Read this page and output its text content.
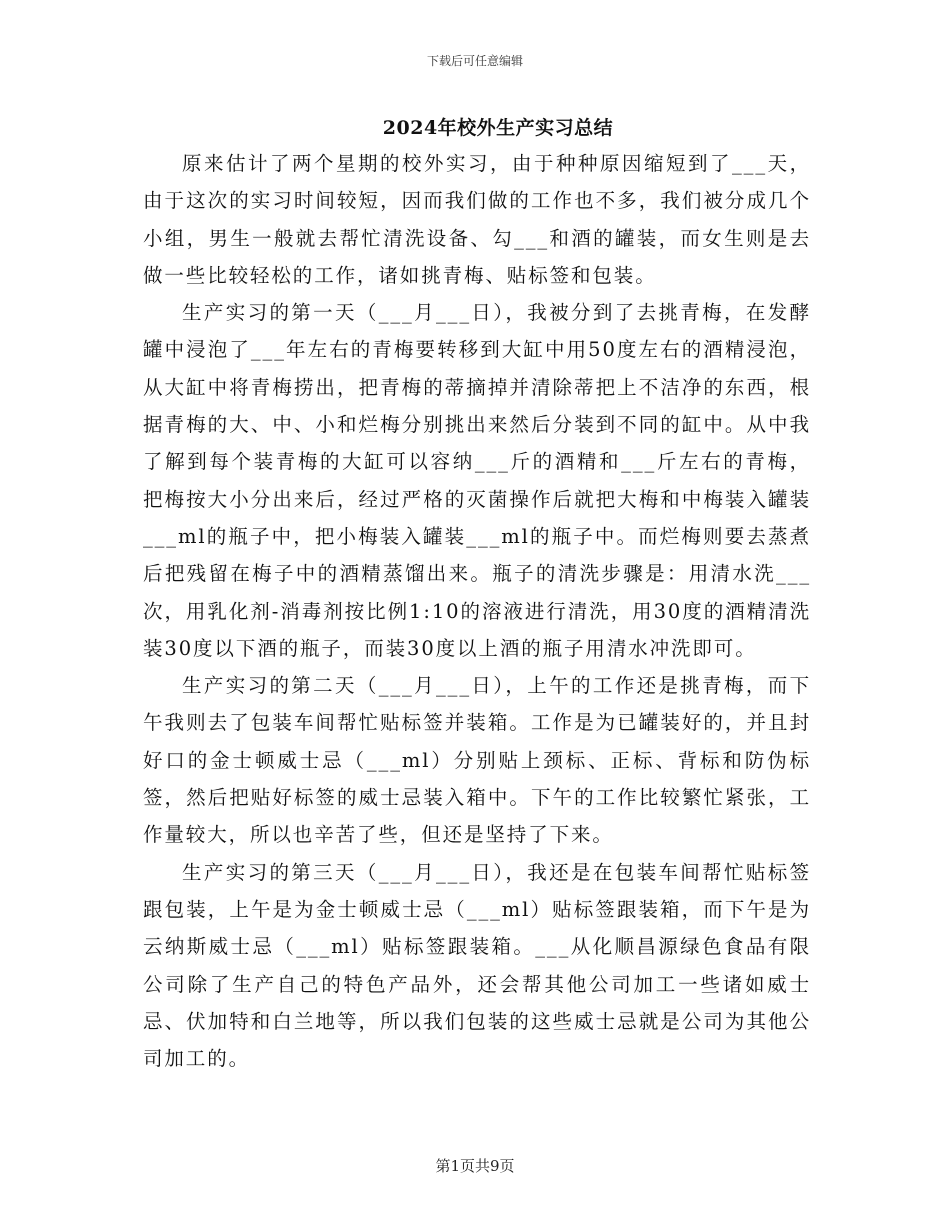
下载后可任意编辑
2024年校外生产实习总结

原来估计了两个星期的校外实习，由于种种原因缩短到了___天，由于这次的实习时间较短，因而我们做的工作也不多，我们被分成几个小组，男生一般就去帮忙清洗设备、勾___和酒的罐装，而女生则是去做一些比较轻松的工作，诸如挑青梅、贴标签和包装。

生产实习的第一天（___月___日），我被分到了去挑青梅，在发酵罐中浸泡了___年左右的青梅要转移到大缸中用50度左右的酒精浸泡，从大缸中将青梅捞出，把青梅的蒂摘掉并清除蒂把上不洁净的东西，根据青梅的大、中、小和烂梅分别挑出来然后分装到不同的缸中。从中我了解到每个装青梅的大缸可以容纳___斤的酒精和___斤左右的青梅，把梅按大小分出来后，经过严格的灭菌操作后就把大梅和中梅装入罐装___ml的瓶子中，把小梅装入罐装___ml的瓶子中。而烂梅则要去蒸煮后把残留在梅子中的酒精蒸馏出来。瓶子的清洗步骤是：用清水洗___次，用乳化剂-消毒剂按比例1:10的溶液进行清洗，用30度的酒精清洗装30度以下酒的瓶子，而装30度以上酒的瓶子用清水冲洗即可。

生产实习的第二天（___月___日），上午的工作还是挑青梅，而下午我则去了包装车间帮忙贴标签并装箱。工作是为已罐装好的，并且封好口的金士顿威士忌（___ml）分别贴上颈标、正标、背标和防伪标签，然后把贴好标签的威士忌装入箱中。下午的工作比较繁忙紧张，工作量较大，所以也辛苦了些，但还是坚持了下来。

生产实习的第三天（___月___日），我还是在包装车间帮忙贴标签跟包装，上午是为金士顿威士忌（___ml）贴标签跟装箱，而下午是为云纳斯威士忌（___ml）贴标签跟装箱。___从化顺昌源绿色食品有限公司除了生产自己的特色产品外，还会帮其他公司加工一些诸如威士忌、伏加特和白兰地等，所以我们包装的这些威士忌就是公司为其他公司加工的。

第1页共9页
